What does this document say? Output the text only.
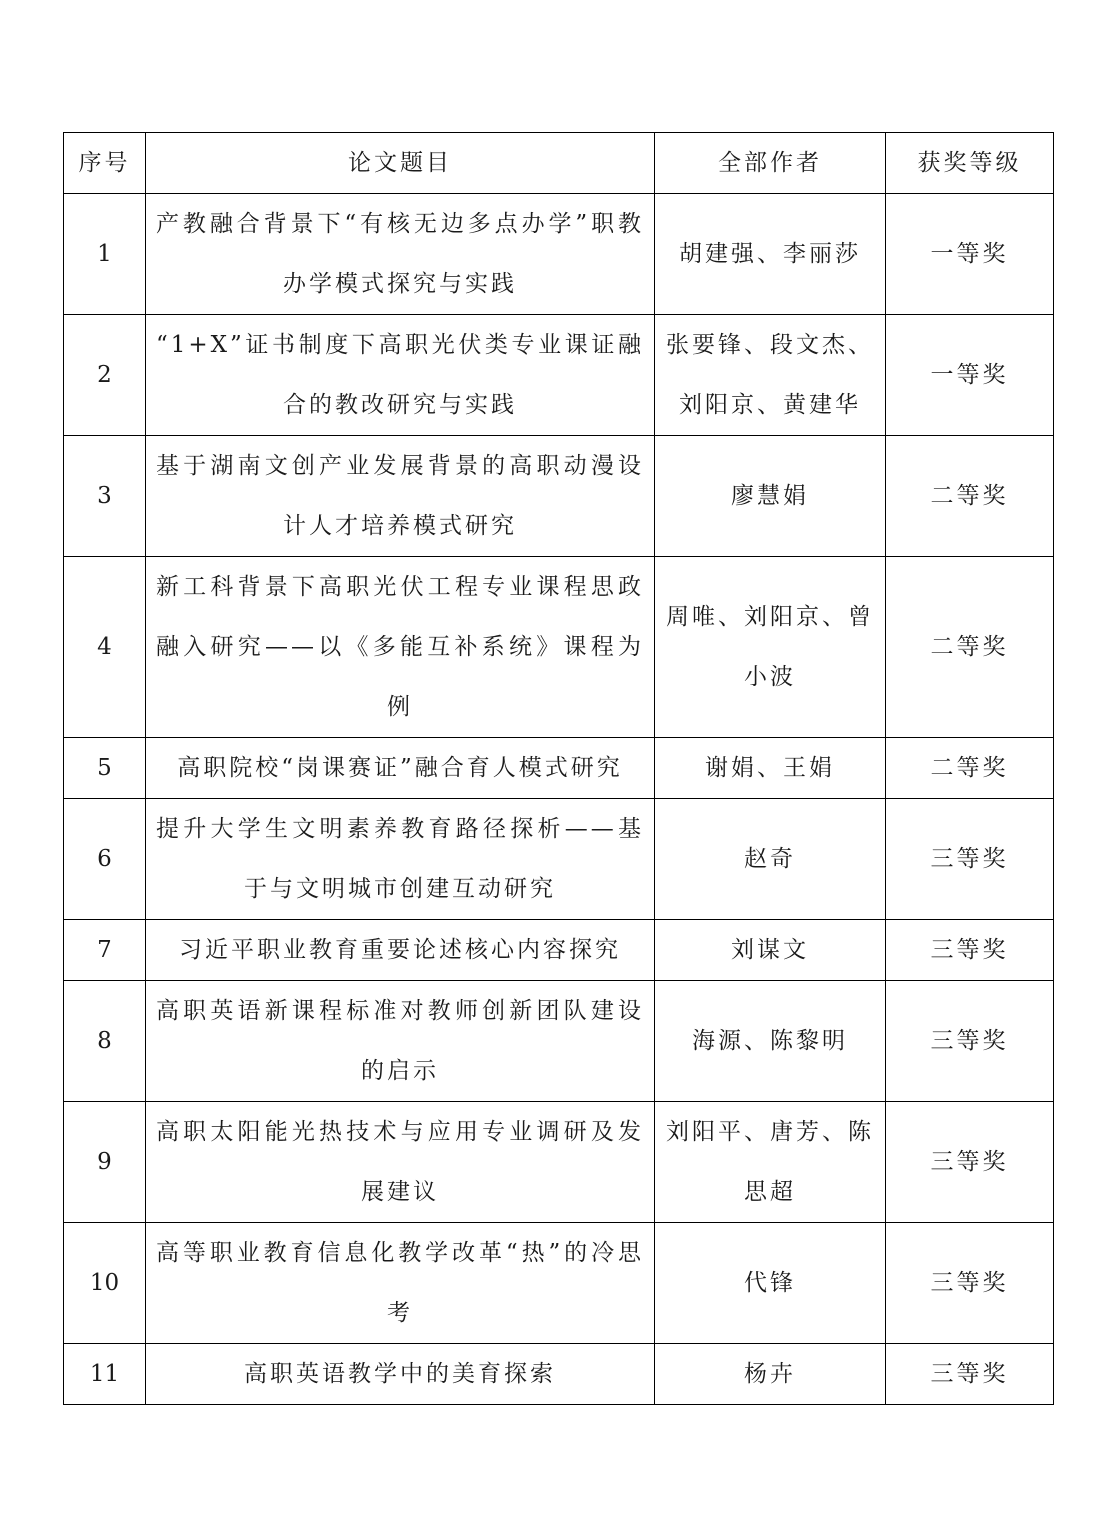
序号	论文题目	全部作者	获奖等级
1	产教融合背景下“有核无边多点办学”职教办学模式探究与实践	胡建强、李丽莎	一等奖
2	“1+X”证书制度下高职光伏类专业课证融合的教改研究与实践	张要锋、段文杰、刘阳京、黄建华	一等奖
3	基于湖南文创产业发展背景的高职动漫设计人才培养模式研究	廖慧娟	二等奖
4	新工科背景下高职光伏工程专业课程思政融入研究——以《多能互补系统》课程为例	周唯、刘阳京、曾小波	二等奖
5	高职院校“岗课赛证”融合育人模式研究	谢娟、王娟	二等奖
6	提升大学生文明素养教育路径探析——基于与文明城市创建互动研究	赵奇	三等奖
7	习近平职业教育重要论述核心内容探究	刘谋文	三等奖
8	高职英语新课程标准对教师创新团队建设的启示	海源、陈黎明	三等奖
9	高职太阳能光热技术与应用专业调研及发展建议	刘阳平、唐芳、陈思超	三等奖
10	高等职业教育信息化教学改革“热”的冷思考	代锋	三等奖
11	高职英语教学中的美育探索	杨卉	三等奖
